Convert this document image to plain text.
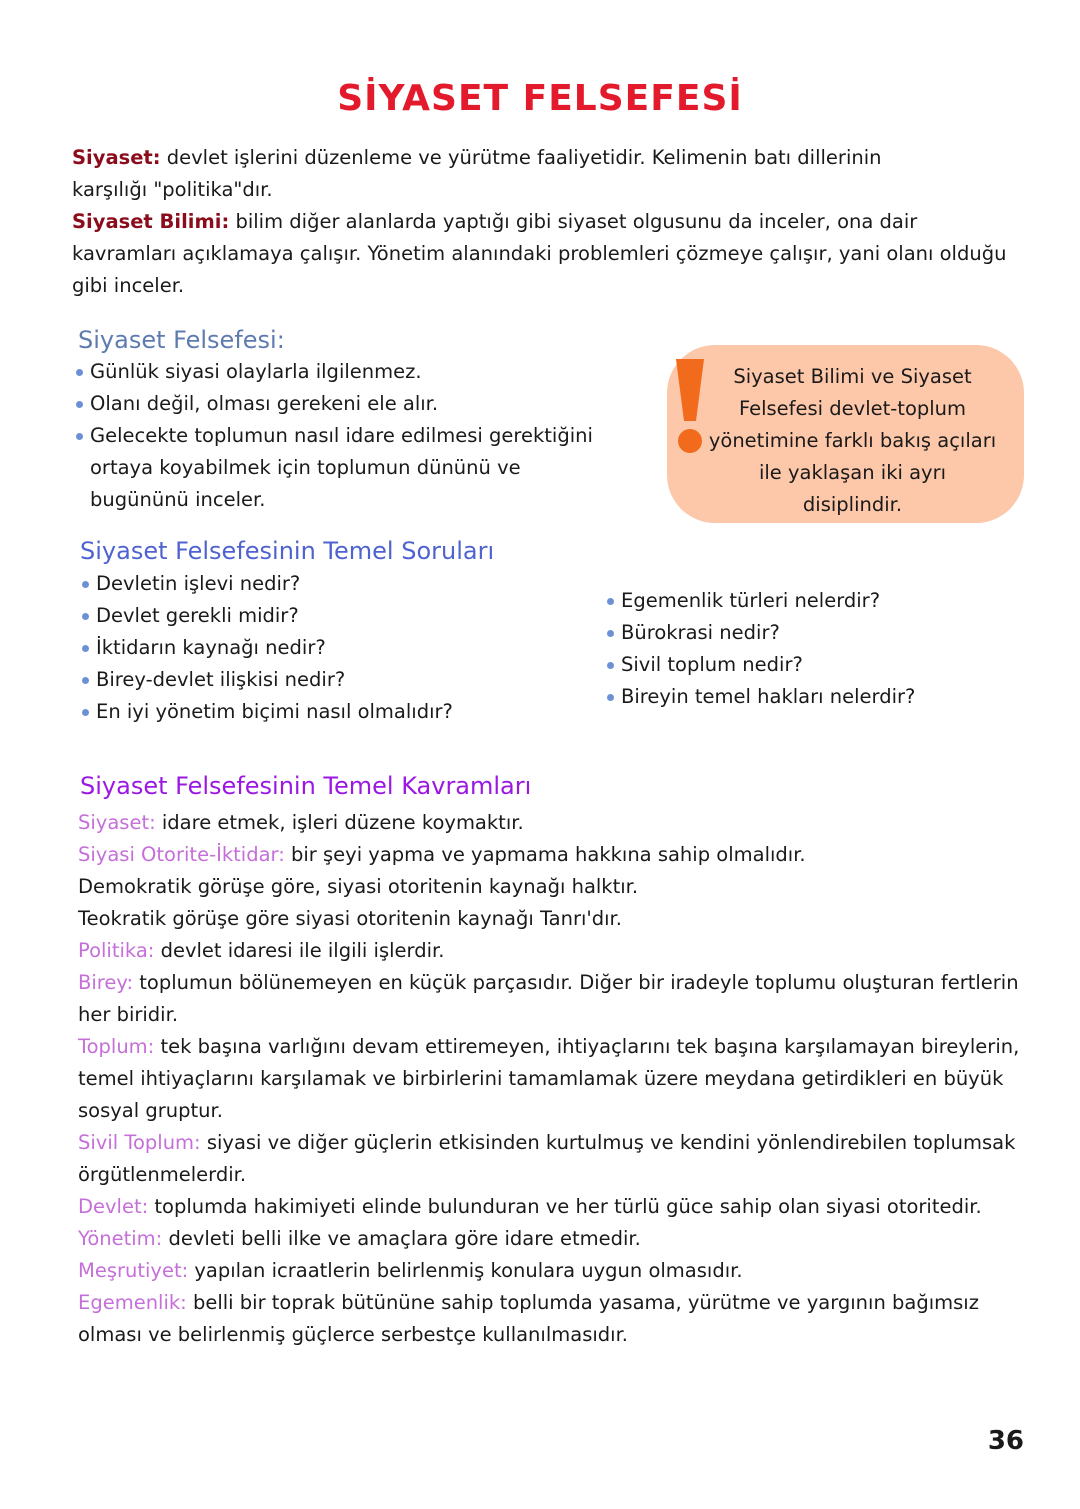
SİYASET FELSEFESİ
Siyaset: devlet işlerini düzenleme ve yürütme faaliyetidir. Kelimenin batı dillerinin karşılığı "politika"dır.
Siyaset Bilimi: bilim diğer alanlarda yaptığı gibi siyaset olgusunu da inceler, ona dair kavramları açıklamaya çalışır. Yönetim alanındaki problemleri çözmeye çalışır, yani olanı olduğu gibi inceler.
Siyaset Felsefesi:
Günlük siyasi olaylarla ilgilenmez.
Olanı değil, olması gerekeni ele alır.
Gelecekte toplumun nasıl idare edilmesi gerektiğini ortaya koyabilmek için toplumun dününü ve bugününü inceler.
Siyaset Bilimi ve Siyaset Felsefesi devlet-toplum yönetimine farklı bakış açıları ile yaklaşan iki ayrı disiplindir.
Siyaset Felsefesinin Temel Soruları
Devletin işlevi nedir?
Devlet gerekli midir?
İktidarın kaynağı nedir?
Birey-devlet ilişkisi nedir?
En iyi yönetim biçimi nasıl olmalıdır?
Egemenlik türleri nelerdir?
Bürokrasi nedir?
Sivil toplum nedir?
Bireyin temel hakları nelerdir?
Siyaset Felsefesinin Temel Kavramları
Siyaset: idare etmek, işleri düzene koymaktır.
Siyasi Otorite-İktidar: bir şeyi yapma ve yapmama hakkına sahip olmalıdır.
Demokratik görüşe göre, siyasi otoritenin kaynağı halktır.
Teokratik görüşe göre siyasi otoritenin kaynağı Tanrı'dır.
Politika: devlet idaresi ile ilgili işlerdir.
Birey: toplumun bölünemeyen en küçük parçasıdır. Diğer bir iradeyle toplumu oluşturan fertlerin her biridir.
Toplum: tek başına varlığını devam ettiremeyen, ihtiyaçlarını tek başına karşılamayan bireylerin, temel ihtiyaçlarını karşılamak ve birbirlerini tamamlamak üzere meydana getirdikleri en büyük sosyal gruptur.
Sivil Toplum: siyasi ve diğer güçlerin etkisinden kurtulmuş ve kendini yönlendirebilen toplumsak örgütlenmelerdir.
Devlet: toplumda hakimiyeti elinde bulunduran ve her türlü güce sahip olan siyasi otoritedir.
Yönetim: devleti belli ilke ve amaçlara göre idare etmedir.
Meşrutiyet: yapılan icraatlerin belirlenmiş konulara uygun olmasıdır.
Egemenlik: belli bir toprak bütününe sahip toplumda yasama, yürütme ve yargının bağımsız olması ve belirlenmiş güçlerce serbestçe kullanılmasıdır.
36
